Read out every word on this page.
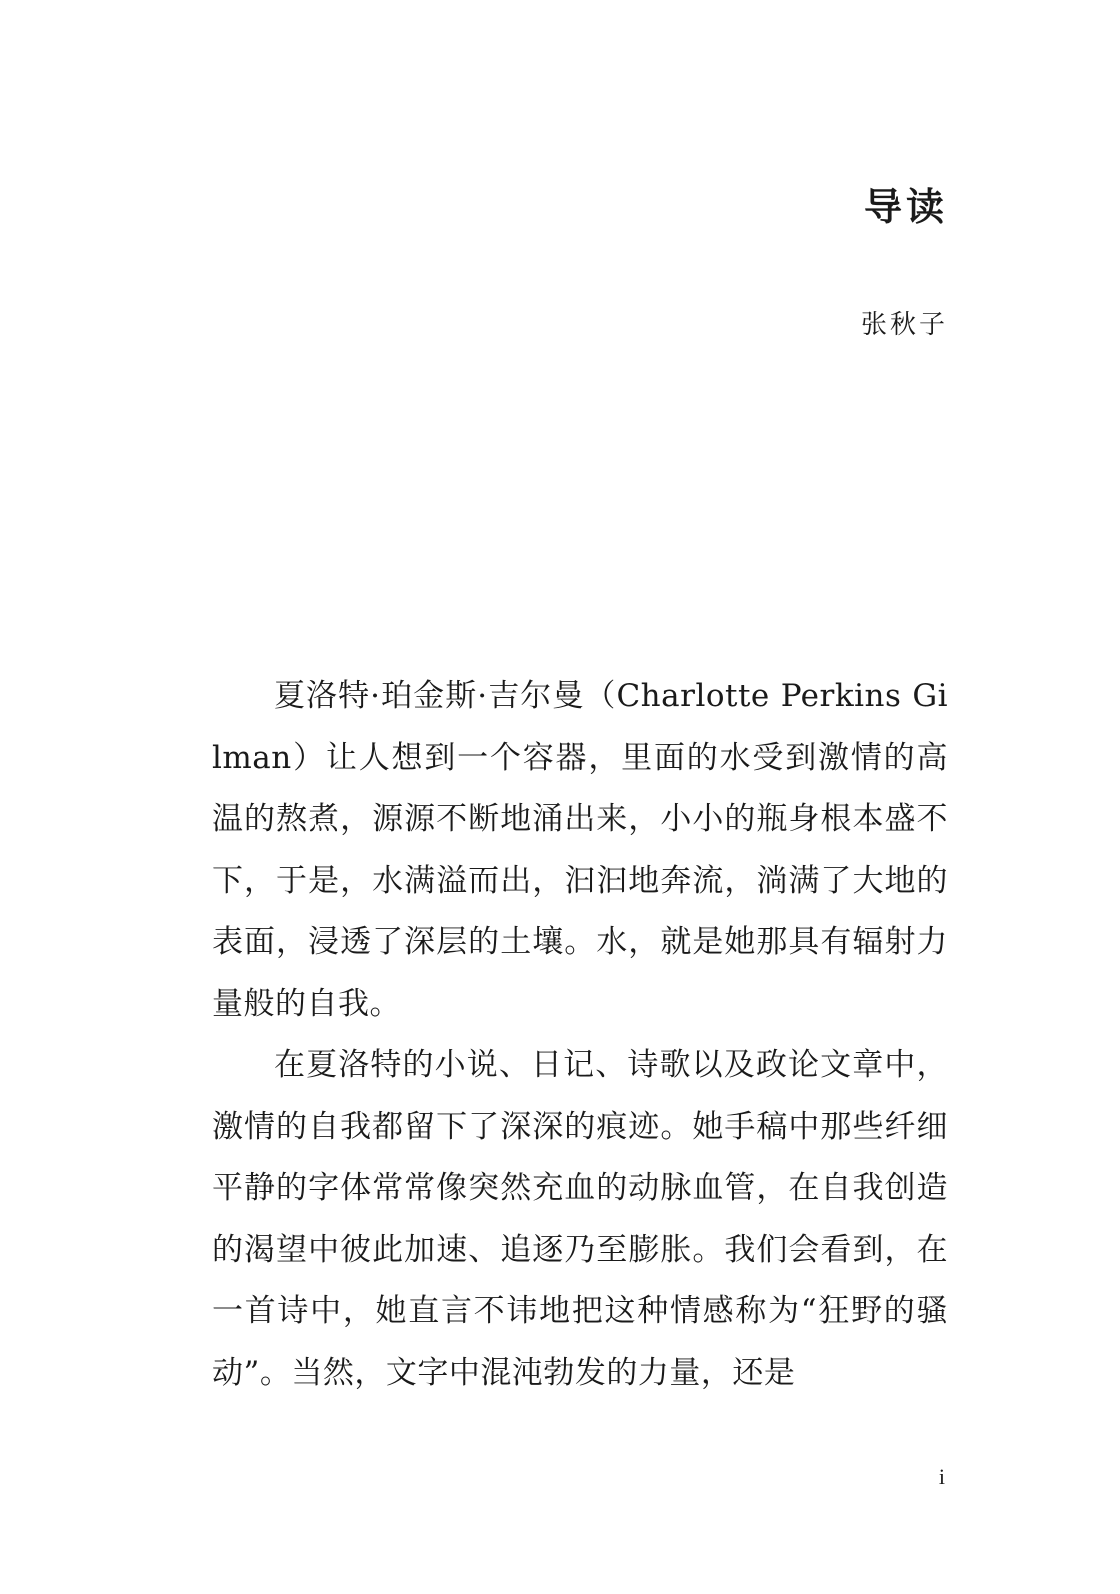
导读
张秋子

夏洛特·珀金斯·吉尔曼（Charlotte Perkins Gilman）让人想到一个容器，里面的水受到激情的高温的熬煮，源源不断地涌出来，小小的瓶身根本盛不下，于是，水满溢而出，汩汩地奔流，淌满了大地的表面，浸透了深层的土壤。水，就是她那具有辐射力量般的自我。

在夏洛特的小说、日记、诗歌以及政论文章中，激情的自我都留下了深深的痕迹。她手稿中那些纤细平静的字体常常像突然充血的动脉血管，在自我创造的渴望中彼此加速、追逐乃至膨胀。我们会看到，在一首诗中，她直言不讳地把这种情感称为“狂野的骚动”。当然，文字中混沌勃发的力量，还是

i
